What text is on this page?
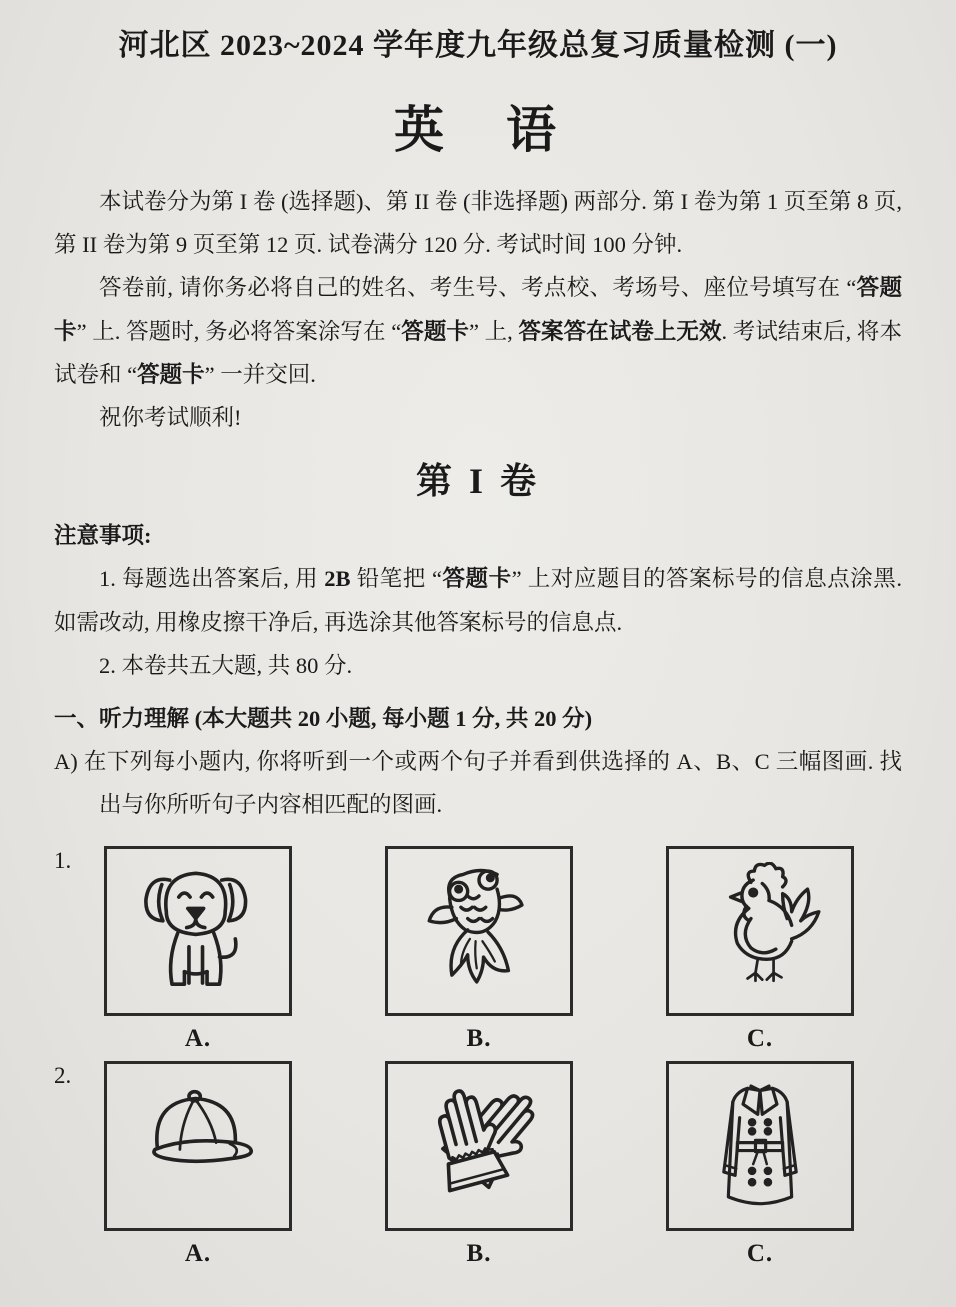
河北区 2023~2024 学年度九年级总复习质量检测 (一)
英　语

本试卷分为第 I 卷 (选择题)、第 II 卷 (非选择题) 两部分. 第 I 卷为第 1 页至第 8 页, 第 II 卷为第 9 页至第 12 页. 试卷满分 120 分. 考试时间 100 分钟.

答卷前, 请你务必将自己的姓名、考生号、考点校、考场号、座位号填写在 “答题卡” 上. 答题时, 务必将答案涂写在 “答题卡” 上, 答案答在试卷上无效. 考试结束后, 将本试卷和 “答题卡” 一并交回.

祝你考试顺利!

第 I 卷

注意事项:

1. 每题选出答案后, 用 2B 铅笔把 “答题卡” 上对应题目的答案标号的信息点涂黑. 如需改动, 用橡皮擦干净后, 再选涂其他答案标号的信息点.

2. 本卷共五大题, 共 80 分.

一、听力理解 (本大题共 20 小题, 每小题 1 分, 共 20 分)

A) 在下列每小题内, 你将听到一个或两个句子并看到供选择的 A、B、C 三幅图画. 找出与你所听句子内容相匹配的图画.

1.
A.	B.	C.
2.
A.	B.	C.
